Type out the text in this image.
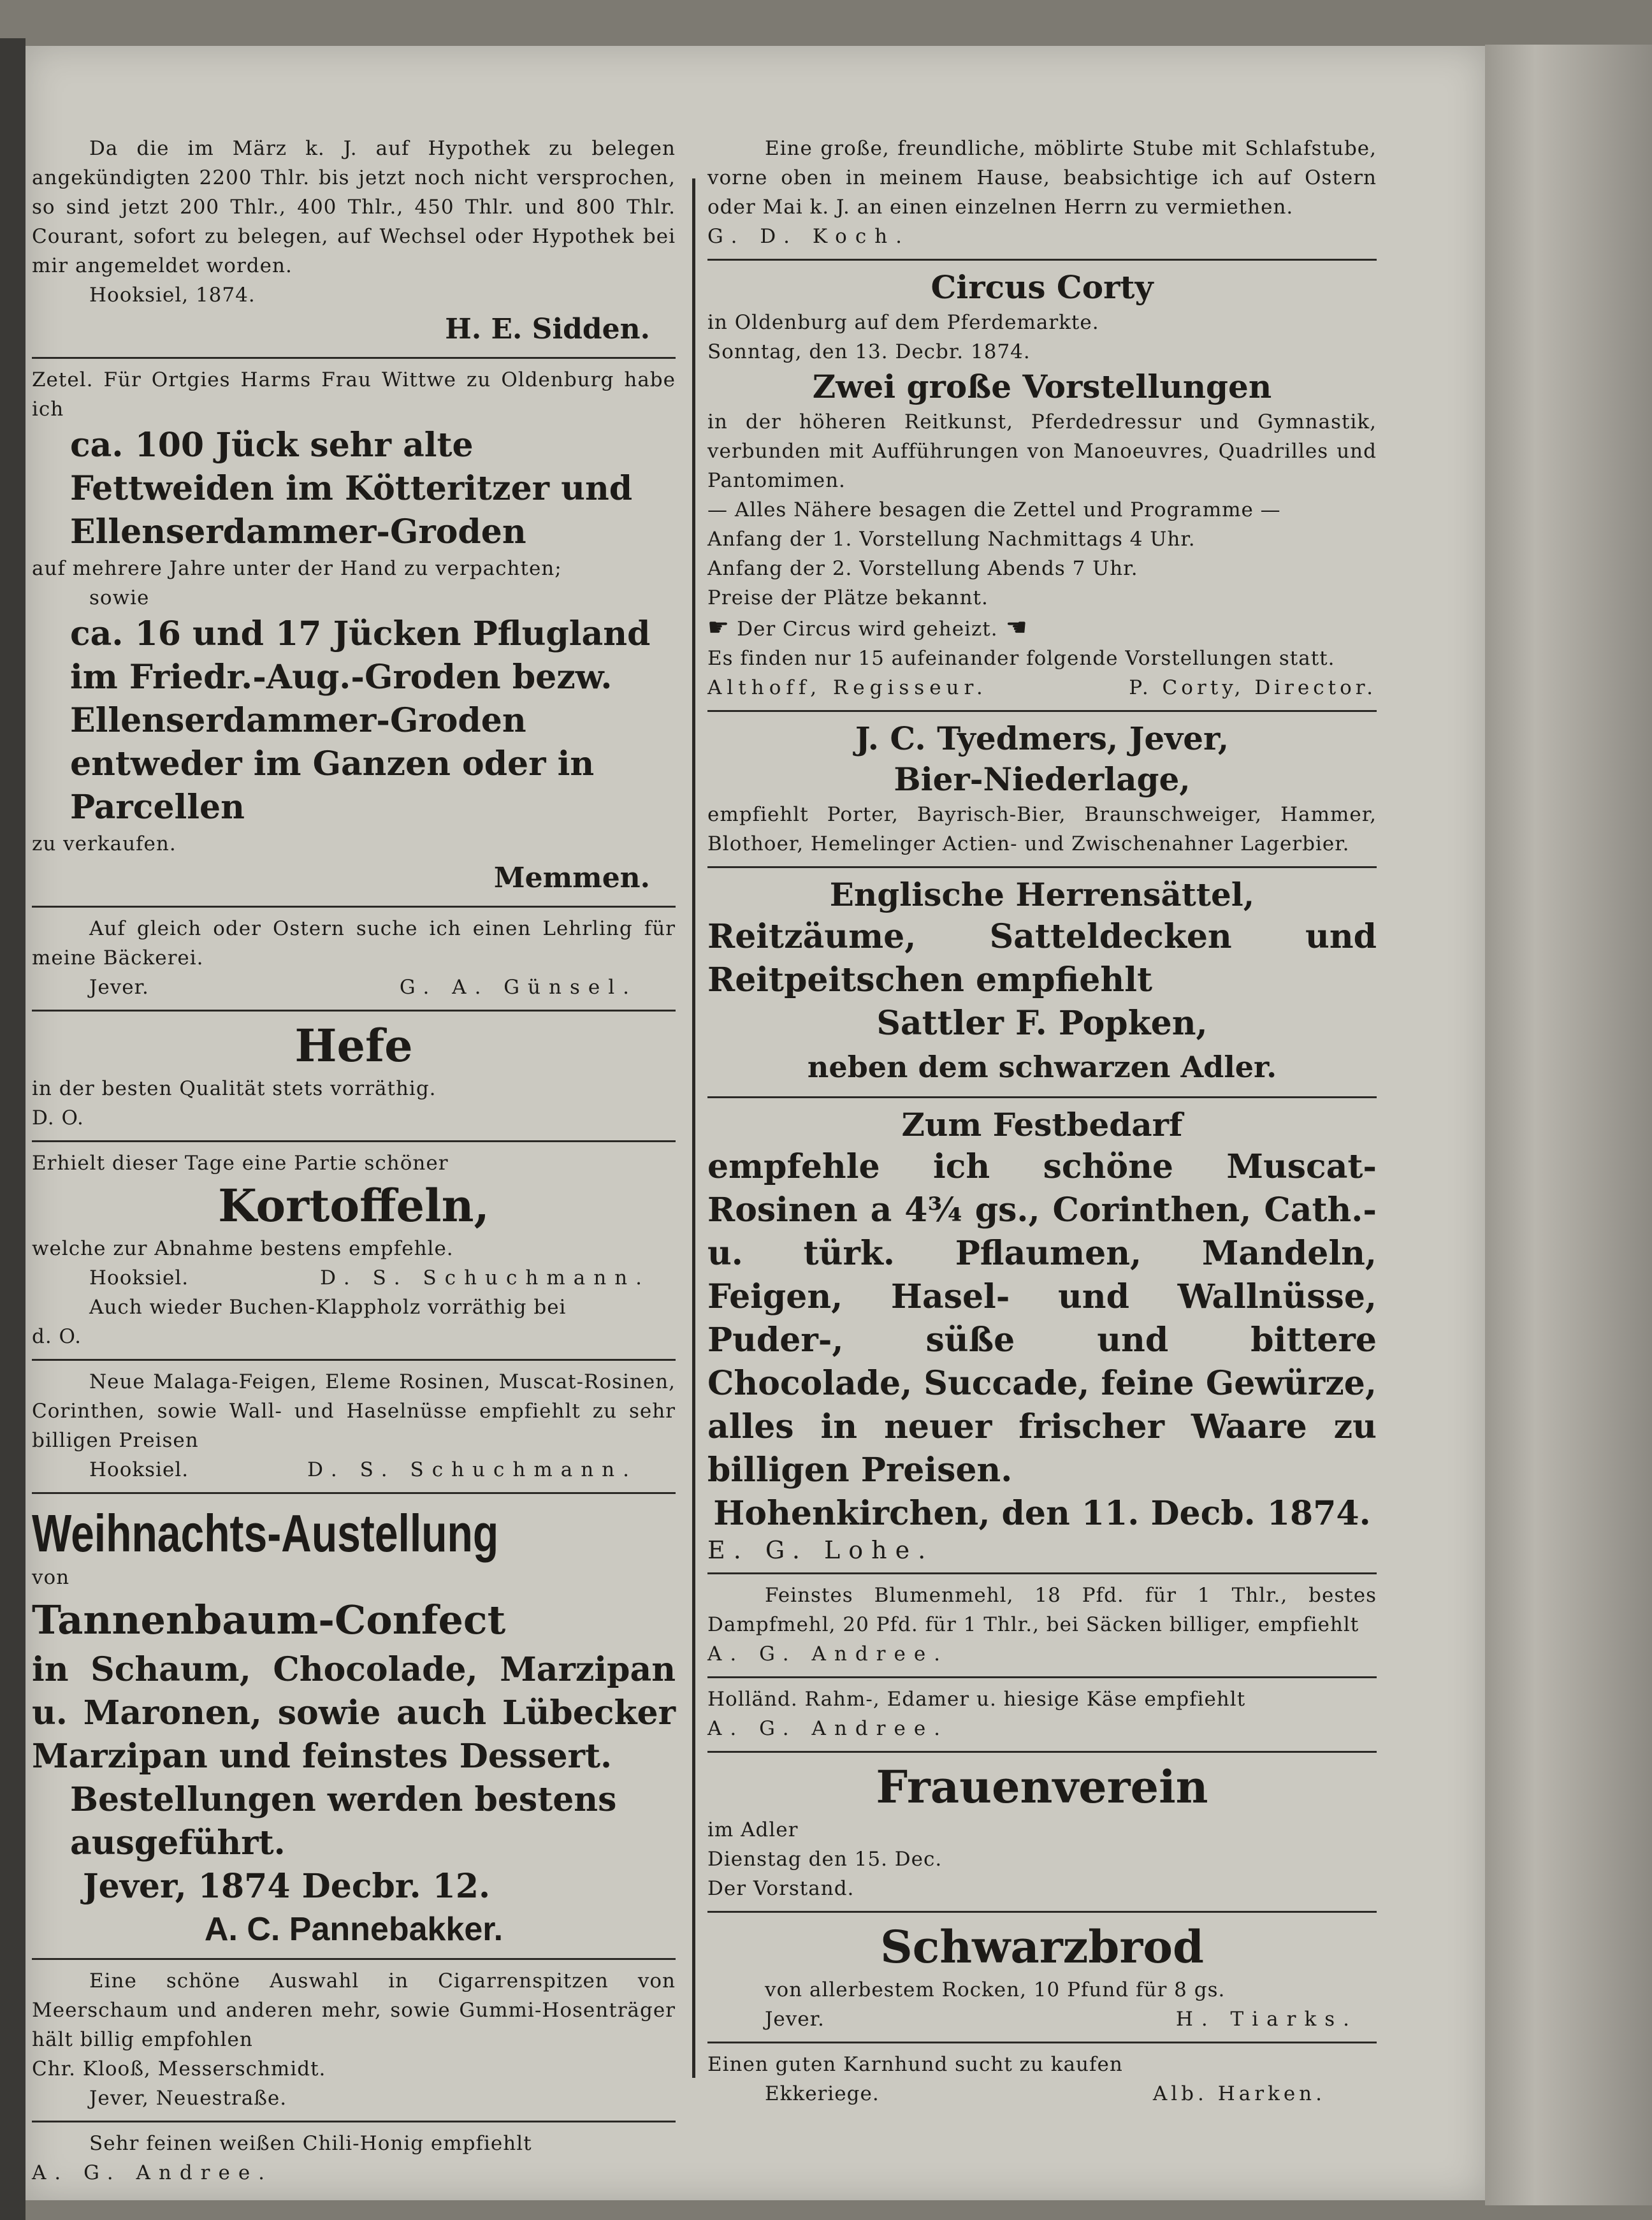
Da die im März k. J. auf Hypothek zu belegen angekündigten 2200 Thlr. bis jetzt noch nicht versprochen, so sind jetzt 200 Thlr., 400 Thlr., 450 Thlr. und 800 Thlr. Courant, sofort zu belegen, auf Wechsel oder Hypothek bei mir angemeldet worden.
Hooksiel, 1874.
H. E. Sidden.
Zetel. Für Ortgies Harms Frau Wittwe zu Oldenburg habe ich
ca. 100 Jück sehr alte Fettweiden im Kötteritzer und Ellenserdammer-Groden
auf mehrere Jahre unter der Hand zu verpachten;
sowie
ca. 16 und 17 Jücken Pflugland im Friedr.-Aug.-Groden bezw. Ellenserdammer-Groden entweder im Ganzen oder in Parcellen
zu verkaufen.
Memmen.
Auf gleich oder Ostern suche ich einen Lehrling für meine Bäckerei.
Jever.	G. A. Günsel.
Hefe
in der besten Qualität stets vorräthig.
D. O.
Erhielt dieser Tage eine Partie schöner
Kortoffeln,
welche zur Abnahme bestens empfehle.
Hooksiel.	D. S. Schuchmann.
Auch wieder Buchen-Klappholz vorräthig bei
d. O.
Neue Malaga-Feigen, Eleme Rosinen, Muscat-Rosinen, Corinthen, sowie Wall- und Haselnüsse empfiehlt zu sehr billigen Preisen
Hooksiel.	D. S. Schuchmann.
Weihnachts-Austellung
von
Tannenbaum-Confect
in Schaum, Chocolade, Marzipan u. Maronen, sowie auch Lübecker Marzipan und feinstes Dessert.
Bestellungen werden bestens ausgeführt.
Jever, 1874 Decbr. 12.
A. C. Pannebakker.
Eine schöne Auswahl in Cigarrenspitzen von Meerschaum und anderen mehr, sowie Gummi-Hosenträger hält billig empfohlen
Chr. Klooß, Messerschmidt.
Jever, Neuestraße.
Sehr feinen weißen Chili-Honig empfiehlt
A. G. Andree.
Eine große, freundliche, möblirte Stube mit Schlafstube, vorne oben in meinem Hause, beabsichtige ich auf Ostern oder Mai k. J. an einen einzelnen Herrn zu vermiethen.
G. D. Koch.
Circus Corty
in Oldenburg auf dem Pferdemarkte.
Sonntag, den 13. Decbr. 1874.
Zwei große Vorstellungen
in der höheren Reitkunst, Pferdedressur und Gymnastik, verbunden mit Aufführungen von Manoeuvres, Quadrilles und Pantomimen.
— Alles Nähere besagen die Zettel und Programme —
Anfang der 1. Vorstellung Nachmittags 4 Uhr.
Anfang der 2. Vorstellung Abends 7 Uhr.
Preise der Plätze bekannt.
☛ Der Circus wird geheizt. ☚
Es finden nur 15 aufeinander folgende Vorstellungen statt.
Althoff, Regisseur.	P. Corty, Director.
J. C. Tyedmers, Jever,
Bier-Niederlage,
empfiehlt Porter, Bayrisch-Bier, Braunschweiger, Hammer, Blothoer, Hemelinger Actien- und Zwischenahner Lagerbier.
Englische Herrensättel,
Reitzäume, Satteldecken und Reitpeitschen empfiehlt
Sattler F. Popken,
neben dem schwarzen Adler.
Zum Festbedarf
empfehle ich schöne Muscat-Rosinen a 4¾ gs., Corinthen, Cath.- u. türk. Pflaumen, Mandeln, Feigen, Hasel- und Wallnüsse, Puder-, süße und bittere Chocolade, Succade, feine Gewürze, alles in neuer frischer Waare zu billigen Preisen.
Hohenkirchen, den 11. Decb. 1874.
E. G. Lohe.
Feinstes Blumenmehl, 18 Pfd. für 1 Thlr., bestes Dampfmehl, 20 Pfd. für 1 Thlr., bei Säcken billiger, empfiehlt
A. G. Andree.
Holländ. Rahm-, Edamer u. hiesige Käse empfiehlt
A. G. Andree.
Frauenverein
im Adler
Dienstag den 15. Dec.
Der Vorstand.
Schwarzbrod
von allerbestem Rocken, 10 Pfund für 8 gs.
Jever.	H. Tiarks.
Einen guten Karnhund sucht zu kaufen
Ekkeriege.	Alb. Harken.
